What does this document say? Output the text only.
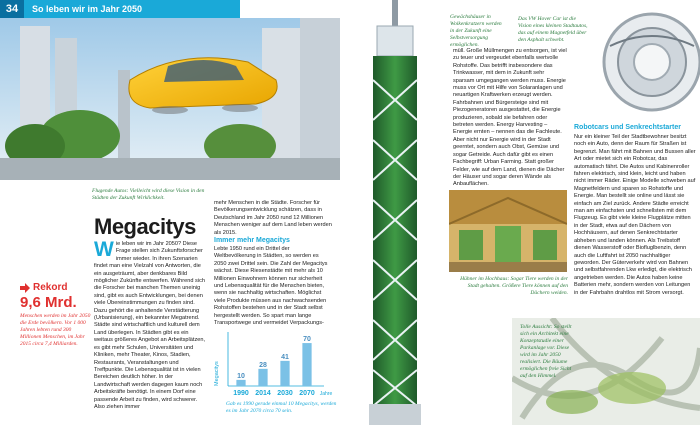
34	So leben wir im Jahr 2050
Flugende Autos: Vielleicht wird diese Vision in den Städten der Zukunft Wirklichkeit.
Megacitys
Wie leben wir im Jahr 2050? Diese Frage stellen sich Zukunftsforscher immer wieder. In ihren Szenarien findet man eine Vielzahl von Antworten, die ein ausgeträumt, aber denkbares Bild möglicher Zukünfte entwerfen. Während sich die Forscher bei manchen Themen uneinig sind, gibt es auch Entwicklungen, bei denen viele Übereinstimmungen zu finden sind. Dazu gehört die anhaltende Verstädterung (Urbanisierung), ein bekannter Megatrend. Städte sind wirtschaftlich und kulturell dem Land überlegen. In Städten gibt es ein weitaus größeres Angebot an Arbeitsplätzen, es gibt mehr Schulen, Universitäten und Kliniken, mehr Theater, Kinos, Stadien, Restaurants, Veranstaltungen und Treffpunkte. Die Lebensqualität ist in vielen Bereichen deutlich höher. In der Landwirtschaft werden dagegen kaum noch Arbeitskräfte benötigt. In einem Dorf eine passende Arbeit zu finden, wird schwerer. Also ziehen immer
Rekord
9,6 Mrd.
Menschen werden im Jahr 2050 die Erde bevölkern. Vor 1 000 Jahren lebten rund 300 Millionen Menschen, im Jahr 2015 circa 7,4 Milliarden.
mehr Menschen in die Städte. Forscher für Bevölkerungsentwicklung schätzen, dass in Deutschland im Jahr 2050 rund 12 Millionen Menschen weniger auf dem Land leben werden als 2015.
Immer mehr Megacitys
Lebte 1950 rund ein Drittel der Weltbevölkerung in Städten, so werden es 2050 zwei Drittel sein. Die Zahl der Megacitys wächst. Diese Riesenstädte mit mehr als 10 Millionen Einwohnern können nur sicherheit und Lebensqualität für die Menschen bieten, wenn sie nachhaltig wirtschaften. Möglichst viele Produkte müssen aus nachwachsenden Rohstoffen bestehen und in der Stadt selbst hergestellt werden. So spart man lange Transportwege und vermeidet Verpackungs-
Megacitys 10
1990
28
2014
41
2030
70
2070 Jahre
Gab es 1990 gerade einmal 10 Megacitys, werden es im Jahr 2070 circa 70 sein.
Gewächshäuser in Wolkenkratzern werden in der Zukunft eine Selbstversorgung ermöglichen.
müll. Große Müllmengen zu entsorgen, ist viel zu teuer und vergeudet ebenfalls wertvolle Rohstoffe. Das betrifft insbesondere das Trinkwasser, mit dem in Zukunft sehr sparsam umgegangen werden muss. Energie muss vor Ort mit Hilfe von Solaranlagen und neuartigen Kraftwerken erzeugt werden. Fahrbahnen und Bürgersteige sind mit Piezogeneratoren ausgestattet, die Energie produzieren, sobald sie befahren oder betreten werden. Energy Harvesting – Energie ernten – nennen das die Fachleute. Aber nicht nur Energie wird in der Stadt geerntet, sondern auch Obst, Gemüse und sogar Getreide. Auch dafür gibt es einen Fachbegriff: Urban Farming. Statt großer Felder, wie auf dem Land, dienen die Dächer der Häuser und sogar deren Wände als Anbauflächen.
Hühner im Hochhaus: Sogar Tiere werden in der Stadt gehalten. Größere Tiere können auf den Dächern weiden.
Das VW Hover Car ist die Vision eines kleinen Stadtautos, das auf einem Magnetfeld über den Asphalt schwebt.
Robotcars und Senkrechtstarter
Nur ein kleiner Teil der Stadtbewohner besitzt noch ein Auto, denn der Raum für Straßen ist begrenzt. Man fährt mit Bahnen und Bussen aller Art oder mietet sich ein Robotcar, das automatisch fährt. Die Autos und Kabinenroller fahren elektrisch, sind klein, leicht und haben nicht immer Räder. Einige Modelle schweben auf Magnetfeldern und sparen so Rohstoffe und Energie. Man bestellt sie online und lässt sie einfach am Ziel zurück. Andere Städte erreicht man am einfachsten und schnellsten mit dem Flugzeug. Es gibt viele kleine Flugplätze mitten in der Stadt, etwa auf den Dächern von Hochhäusern, auf denen Senkrechtstarter abheben und landen können. Als Treibstoff dienen Wasserstoff oder Biofluglbenzin, denn auch die Luftfahrt ist 2050 nachhaltiger geworden. Der Güterverkehr wird von Bahnen und selbstfahrenden Lkw erledigt, die elektrisch angetrieben werden. Die Autos haben keine Batterien mehr, sondern werden von Leitungen in der Fahrbahn drahtlos mit Strom versorgt.
Tolle Aussicht: So stellt sich ein Architekt eine Konzeptstudie einer Parkanlage vor. Diese wird im Jahr 2050 realisiert. Die Bäume ermöglichen freie Sicht auf den Himmel.
